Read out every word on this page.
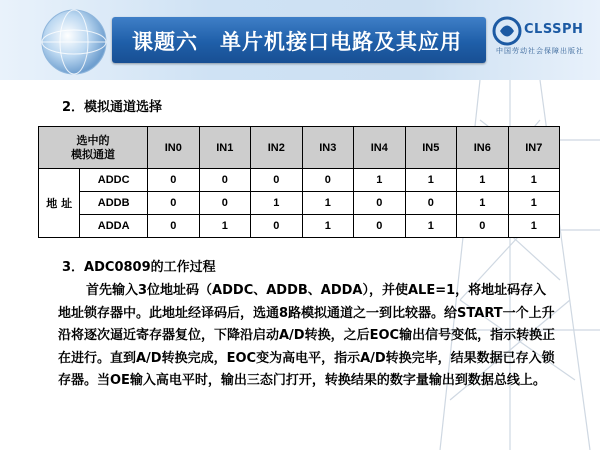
课题六　单片机接口电路及其应用
CLSSPH
中国劳动社会保障出版社
2．模拟通道选择
选中的
模拟通道		IN0	IN1	IN2	IN3	IN4	IN5	IN6	IN7
地 址	ADDC	0	0	0	0	1	1	1	1
	ADDB	0	0	1	1	0	0	1	1
	ADDA	0	1	0	1	0	1	0	1
3．ADC0809的工作过程
首先输入3位地址码（ADDC、ADDB、ADDA），并使ALE=1，将地址码存入地址锁存器中。此地址经译码后，选通8路模拟通道之一到比较器。给START一个上升沿将逐次逼近寄存器复位，下降沿启动A/D转换，之后EOC输出信号变低，指示转换正在进行。直到A/D转换完成，EOC变为高电平，指示A/D转换完毕，结果数据已存入锁存器。当OE输入高电平时，输出三态门打开，转换结果的数字量输出到数据总线上。
